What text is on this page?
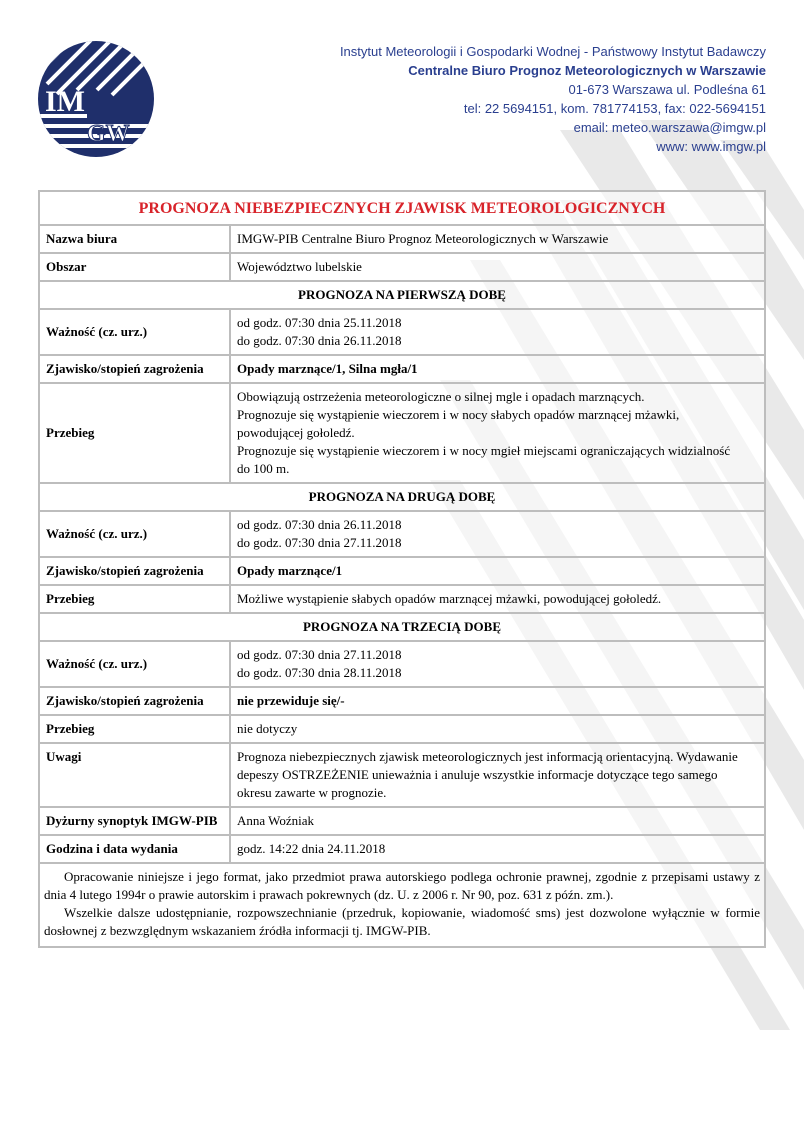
IM
GW
Instytut Meteorologii i Gospodarki Wodnej - Państwowy Instytut Badawczy
Centralne Biuro Prognoz Meteorologicznych w Warszawie
01-673 Warszawa ul. Podleśna 61
tel: 22 5694151, kom. 781774153, fax: 022-5694151
email: meteo.warszawa@imgw.pl
www: www.imgw.pl
PROGNOZA NIEBEZPIECZNYCH ZJAWISK METEOROLOGICZNYCH	
Nazwa biura	IMGW-PIB Centralne Biuro Prognoz Meteorologicznych w Warszawie
Obszar	Województwo lubelskie
PROGNOZA NA PIERWSZĄ DOBĘ	
Ważność (cz. urz.)	od godz. 07:30 dnia 25.11.2018
do godz. 07:30 dnia 26.11.2018

Zjawisko/stopień zagrożenia	Opady marznące/1, Silna mgła/1
Przebieg	Obowiązują ostrzeżenia meteorologiczne o silnej mgle i opadach marznących.
Prognozuje się wystąpienie wieczorem i w nocy słabych opadów marznącej mżawki,
powodującej gołoledź.
Prognozuje się wystąpienie wieczorem i w nocy mgieł miejscami ograniczających widzialność
do 100 m.

PROGNOZA NA DRUGĄ DOBĘ	
Ważność (cz. urz.)	od godz. 07:30 dnia 26.11.2018
do godz. 07:30 dnia 27.11.2018

Zjawisko/stopień zagrożenia	Opady marznące/1
Przebieg	Możliwe wystąpienie słabych opadów marznącej mżawki, powodującej gołoledź.
PROGNOZA NA TRZECIĄ DOBĘ	
Ważność (cz. urz.)	od godz. 07:30 dnia 27.11.2018
do godz. 07:30 dnia 28.11.2018

Zjawisko/stopień zagrożenia	nie przewiduje się/-
Przebieg	nie dotyczy
Uwagi	Prognoza niebezpiecznych zjawisk meteorologicznych jest informacją orientacyjną. Wydawanie
depeszy OSTRZEŻENIE unieważnia i anuluje wszystkie informacje dotyczące tego samego
okresu zawarte w prognozie.

Dyżurny synoptyk IMGW-PIB	Anna Woźniak
Godzina i data wydania	godz. 14:22 dnia 24.11.2018

Opracowanie niniejsze i jego format, jako przedmiot prawa autorskiego podlega ochronie prawnej, zgodnie z przepisami ustawy z dnia 4 lutego 1994r o prawie autorskim i prawach pokrewnych (dz. U. z 2006 r. Nr 90, poz. 631 z późn. zm.).
Wszelkie dalsze udostępnianie, rozpowszechnianie (przedruk, kopiowanie, wiadomość sms) jest dozwolone wyłącznie w formie dosłownej z bezwzględnym wskazaniem źródła informacji tj. IMGW-PIB.	
